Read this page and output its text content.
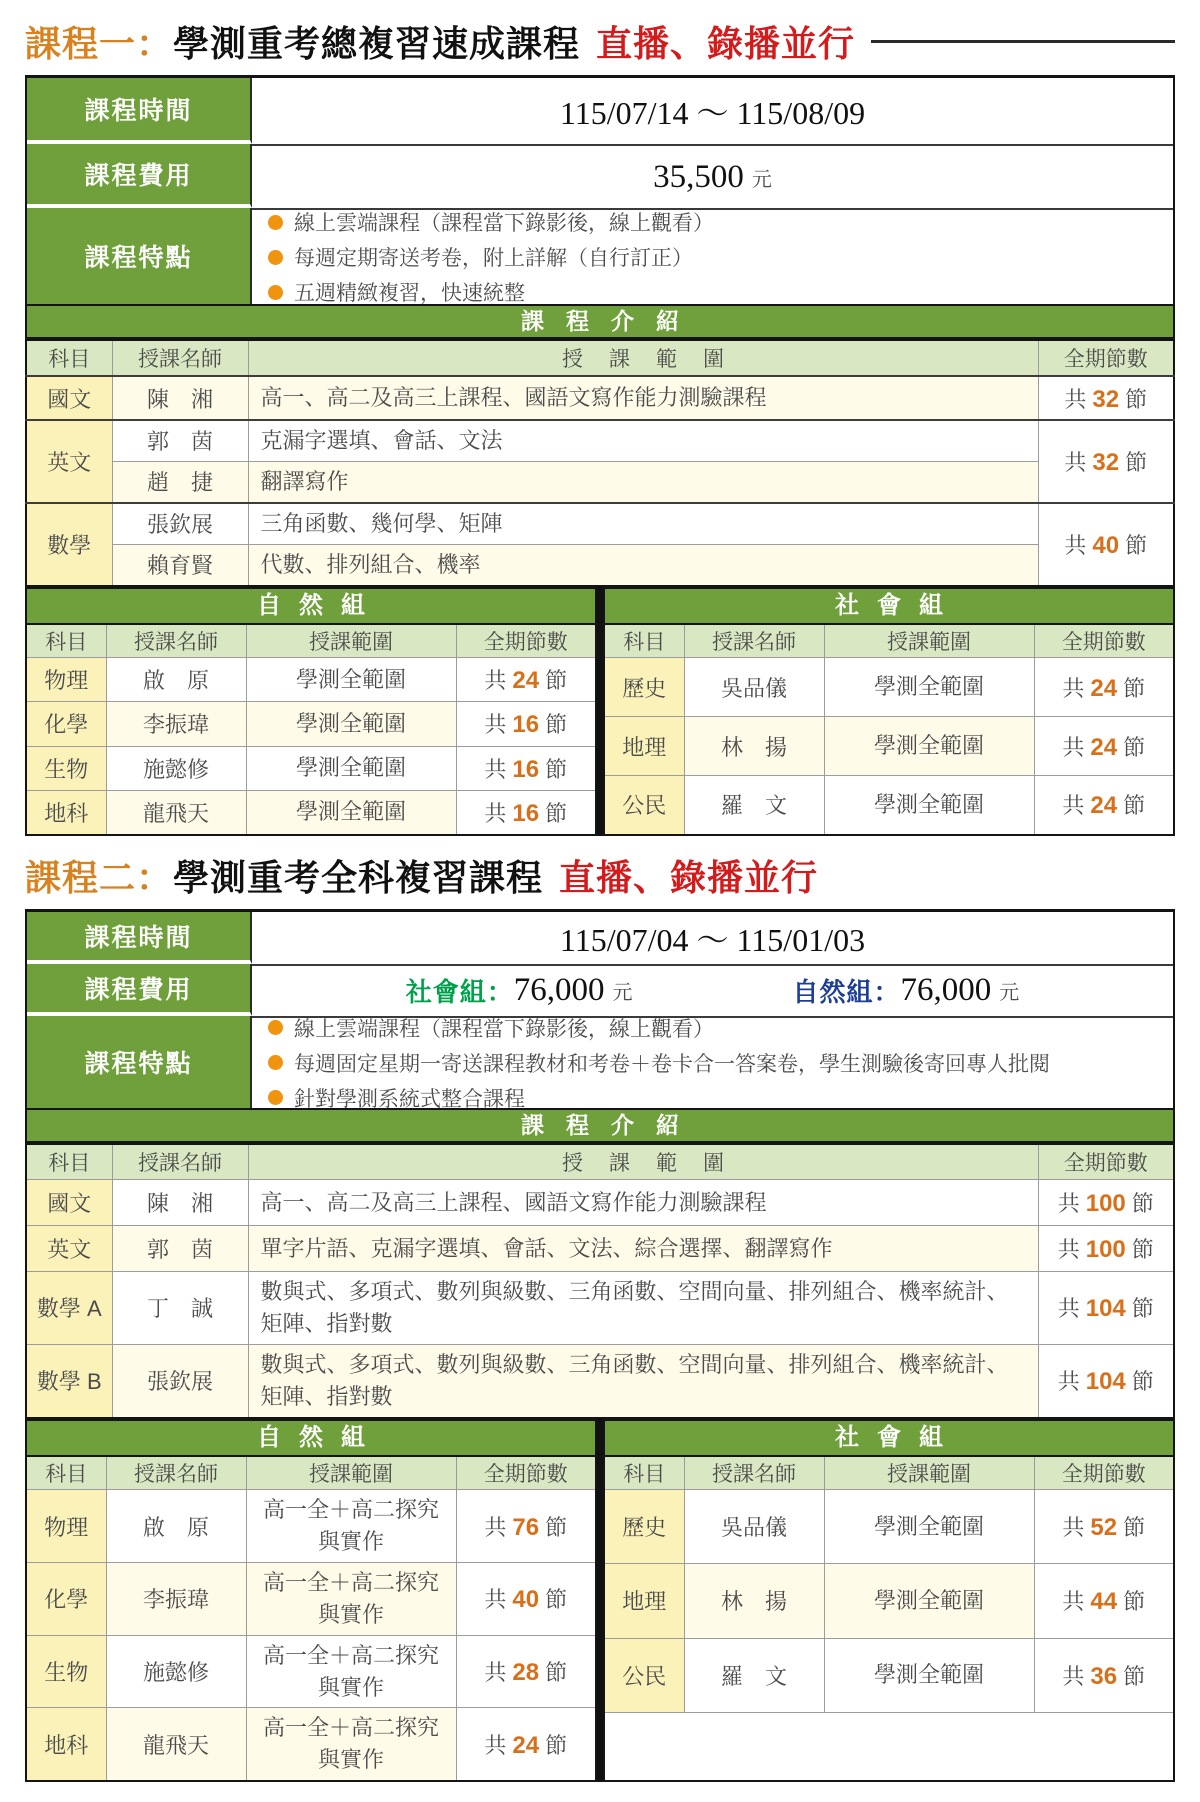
課程一： 學測重考總複習速成課程 直播、錄播並行
課程時間	115/07/14 ～ 115/08/09
課程費用	35,500 元
課程特點
線上雲端課程（課程當下錄影後，線上觀看）
每週定期寄送考卷，附上詳解（自行訂正）
五週精緻複習，快速統整
課程介紹
科目	授課名師	授課範圍	全期節數
國文	陳　湘	高一、高二及高三上課程、國語文寫作能力測驗課程	共 32 節
英文	郭　茵	克漏字選填、會話、文法	共 32 節
	趙　捷	翻譯寫作	
數學	張欽展	三角函數、幾何學、矩陣	共 40 節
	賴育賢	代數、排列組合、機率	
自然組
科目	授課名師	授課範圍	全期節數
物理	啟　原	學測全範圍	共 24 節
化學	李振瑋	學測全範圍	共 16 節
生物	施懿修	學測全範圍	共 16 節
地科	龍飛天	學測全範圍	共 16 節
社會組
科目	授課名師	授課範圍	全期節數
歷史	吳品儀	學測全範圍	共 24 節
地理	林　揚	學測全範圍	共 24 節
公民	羅　文	學測全範圍	共 24 節
課程二： 學測重考全科複習課程 直播、錄播並行
課程時間	115/07/04 ～ 115/01/03
課程費用	社會組： 76,000 元	自然組： 76,000 元
課程特點
線上雲端課程（課程當下錄影後，線上觀看）
每週固定星期一寄送課程教材和考卷＋卷卡合一答案卷，學生測驗後寄回專人批閱
針對學測系統式整合課程
課程介紹
科目	授課名師	授課範圍	全期節數
國文	陳　湘	高一、高二及高三上課程、國語文寫作能力測驗課程	共 100 節
英文	郭　茵	單字片語、克漏字選填、會話、文法、綜合選擇、翻譯寫作	共 100 節
數學 A	丁　誠	數與式、多項式、數列與級數、三角函數、空間向量、排列組合、機率統計、矩陣、指對數	共 104 節
數學 B	張欽展	數與式、多項式、數列與級數、三角函數、空間向量、排列組合、機率統計、矩陣、指對數	共 104 節
自然組
科目	授課名師	授課範圍	全期節數
物理	啟　原	高一全＋高二探究與實作	共 76 節
化學	李振瑋	高一全＋高二探究與實作	共 40 節
生物	施懿修	高一全＋高二探究與實作	共 28 節
地科	龍飛天	高一全＋高二探究與實作	共 24 節
社會組
科目	授課名師	授課範圍	全期節數
歷史	吳品儀	學測全範圍	共 52 節
地理	林　揚	學測全範圍	共 44 節
公民	羅　文	學測全範圍	共 36 節
